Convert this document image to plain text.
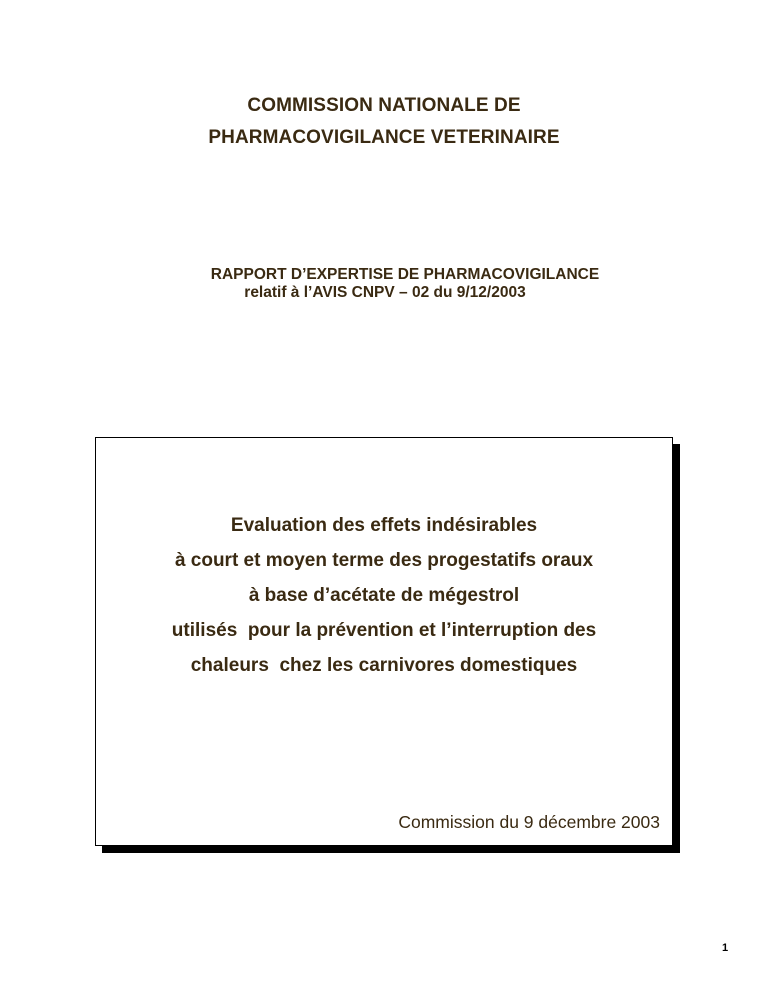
COMMISSION NATIONALE DE
PHARMACOVIGILANCE VETERINAIRE
RAPPORT D’EXPERTISE DE PHARMACOVIGILANCE
relatif à l’AVIS CNPV – 02 du 9/12/2003
Evaluation des effets indésirables
à court et moyen terme des progestatifs oraux
à base d’acétate de mégestrol
utilisés  pour la prévention et l’interruption des
chaleurs  chez les carnivores domestiques
Commission du 9 décembre 2003
1
